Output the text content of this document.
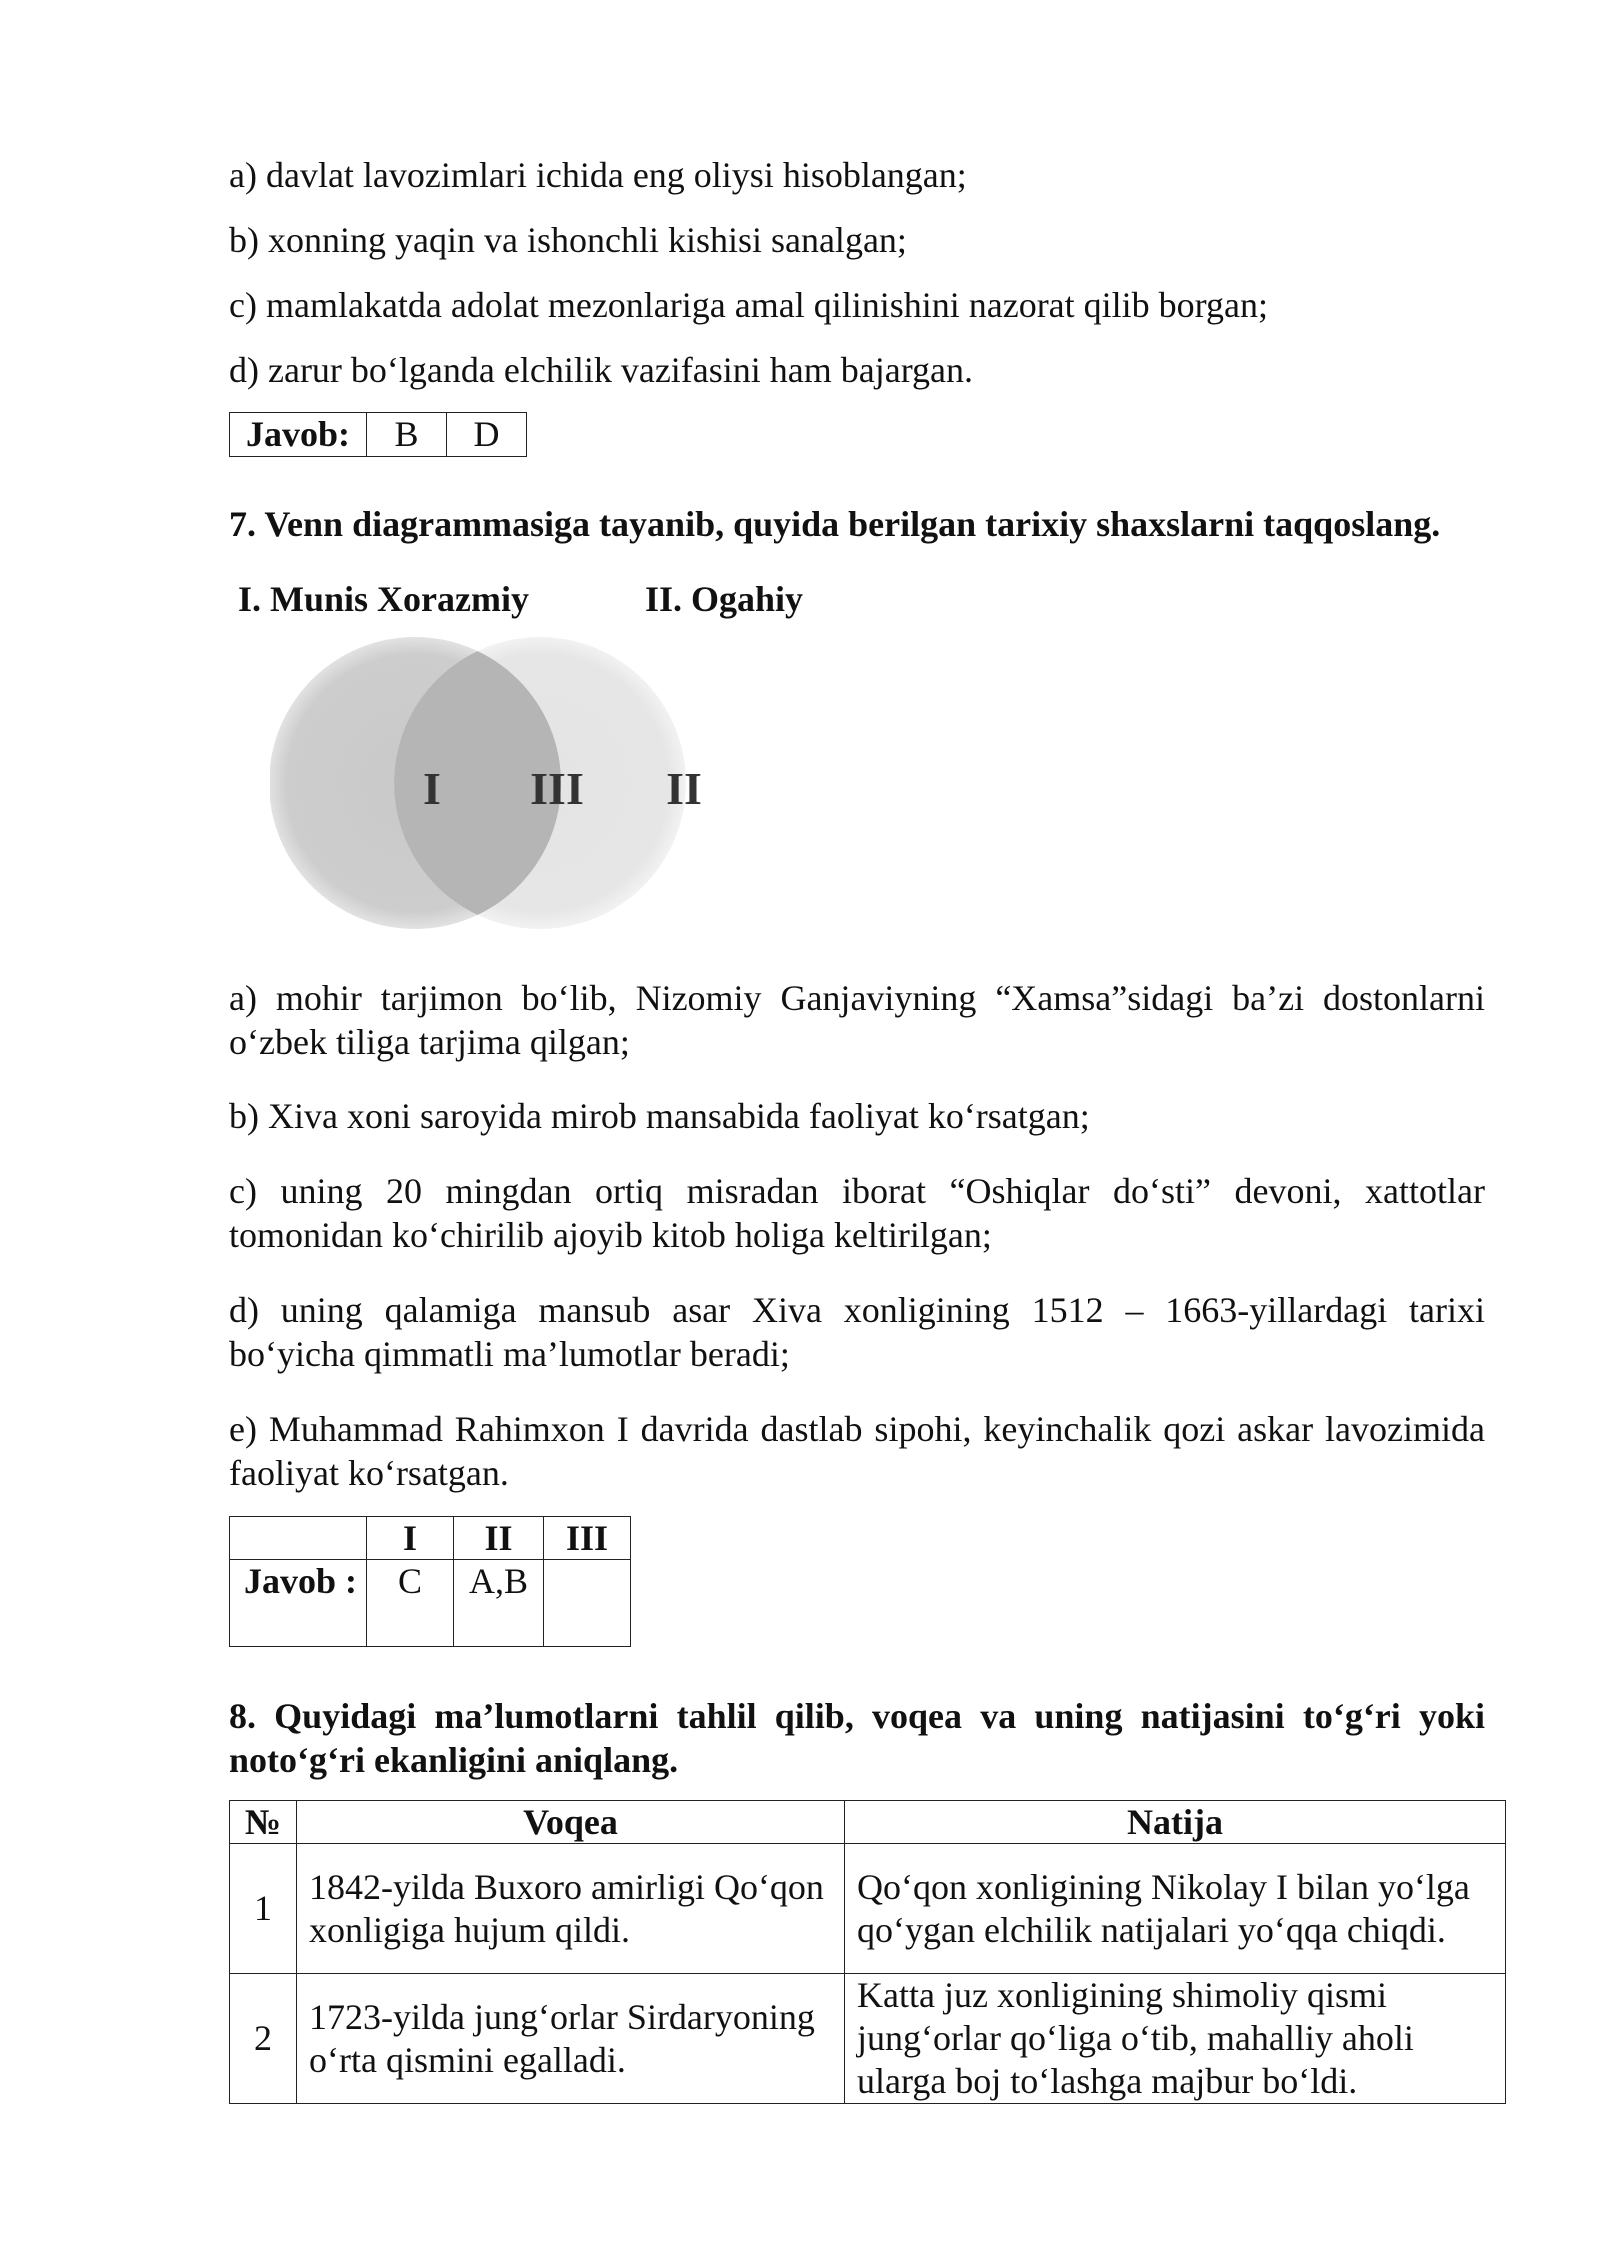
a) davlat lavozimlari ichida eng oliysi hisoblangan;
b) xonning yaqin va ishonchli kishisi sanalgan;
c) mamlakatda adolat mezonlariga amal qilinishini nazorat qilib borgan;
d) zarur bo‘lganda elchilik vazifasini ham bajargan.
Javob:	B	D
7. Venn diagrammasiga tayanib, quyida berilgan tarixiy shaxslarni taqqoslang.
I. Munis Xorazmiy	II. Ogahiy
I III II
a) mohir tarjimon bo‘lib, Nizomiy Ganjaviyning “Xamsa”sidagi ba’zi dostonlarni o‘zbek tiliga tarjima qilgan;
b) Xiva xoni saroyida mirob mansabida faoliyat ko‘rsatgan;
c) uning 20 mingdan ortiq misradan iborat “Oshiqlar do‘sti” devoni, xattotlar tomonidan ko‘chirilib ajoyib kitob holiga keltirilgan;
d) uning qalamiga mansub asar Xiva xonligining 1512 – 1663-yillardagi tarixi bo‘yicha qimmatli ma’lumotlar beradi;
e) Muhammad Rahimxon I davrida dastlab sipohi, keyinchalik qozi askar lavozimida faoliyat ko‘rsatgan.
	I	II	III
Javob :	C	A,B	
8. Quyidagi ma’lumotlarni tahlil qilib, voqea va uning natijasini to‘g‘ri yoki noto‘g‘ri ekanligini aniqlang.
№	Voqea	Natija
1	1842-yilda Buxoro amirligi Qo‘qon xonligiga hujum qildi.	Qo‘qon xonligining Nikolay I bilan yo‘lga qo‘ygan elchilik natijalari yo‘qqa chiqdi.
2	1723-yilda jung‘orlar Sirdaryoning o‘rta qismini egalladi.	Katta juz xonligining shimoliy qismi jung‘orlar qo‘liga o‘tib, mahalliy aholi ularga boj to‘lashga majbur bo‘ldi.
